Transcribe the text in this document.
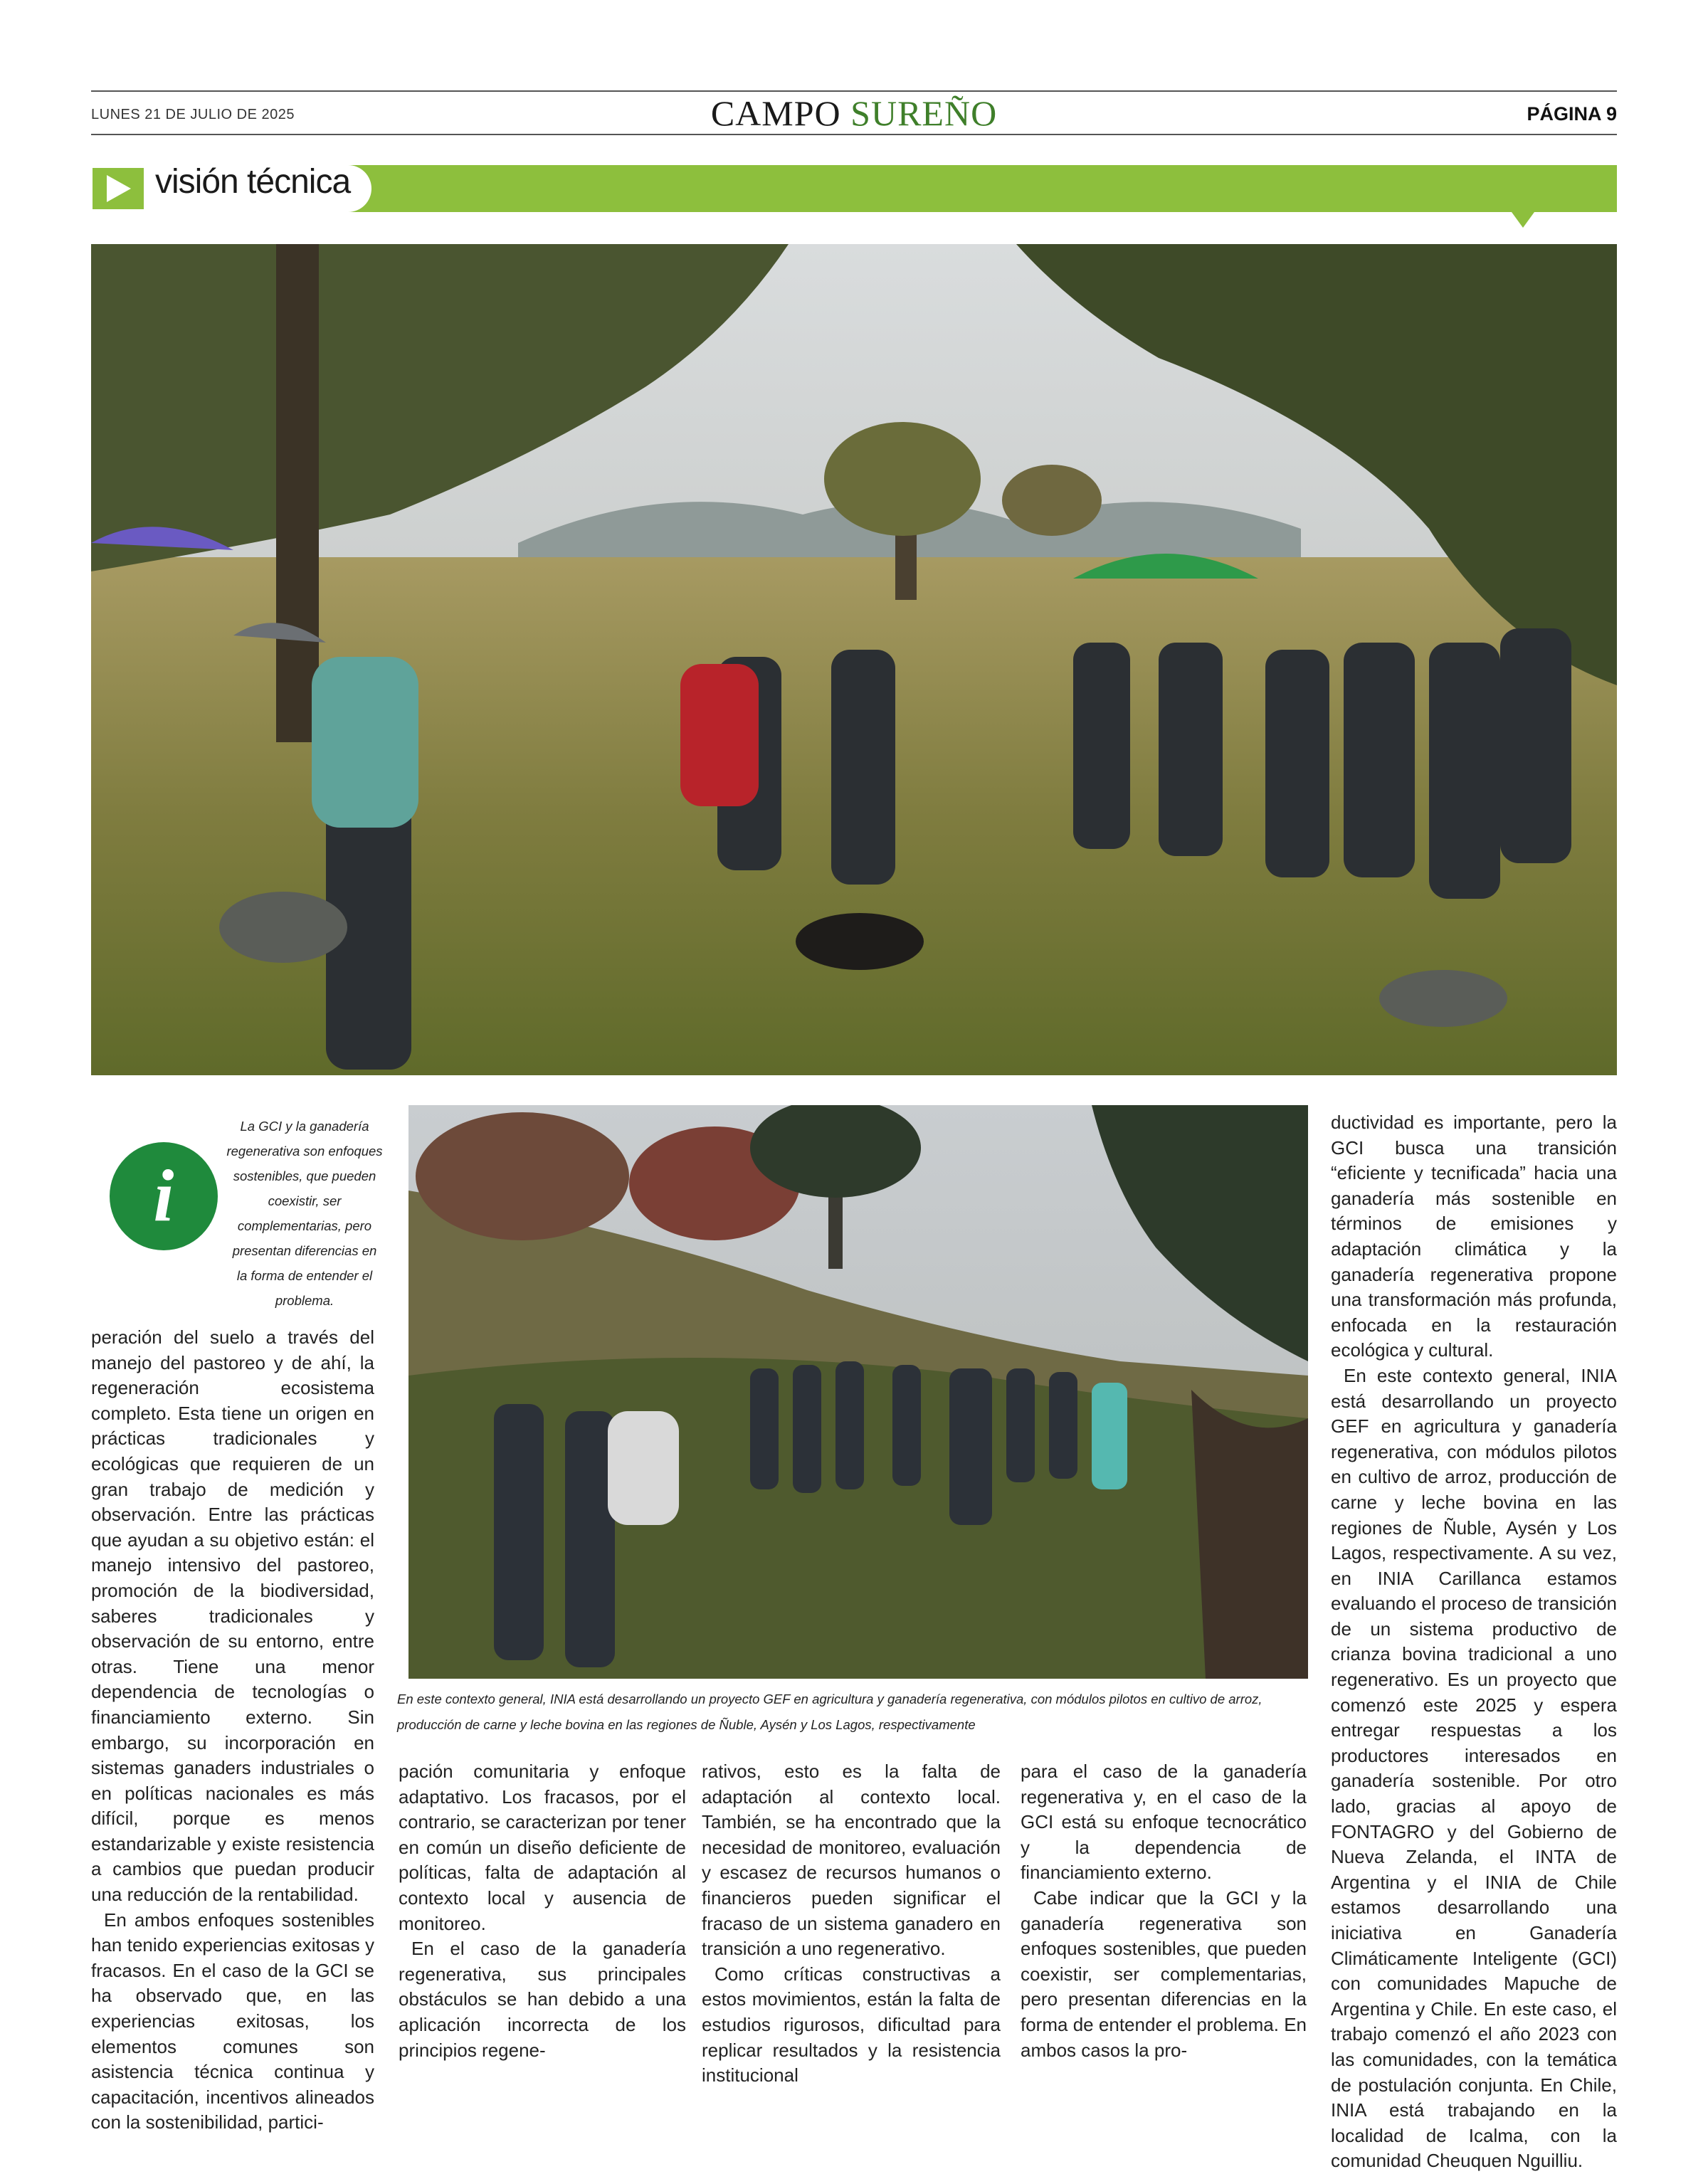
LUNES 21 DE JULIO DE 2025	CAMPO SUREÑO	PÁGINA 9
visión técnica
i
La GCI y la ganadería regenerativa son enfoques sostenibles, que pueden coexistir, ser complementarias, pero presentan diferencias en la forma de entender el problema.
En este contexto general, INIA está desarrollando un proyecto GEF en agricultura y ganadería regenerativa, con módulos pilotos en cultivo de arroz, producción de carne y leche bovina en las regiones de Ñuble, Aysén y Los Lagos, respectivamente

peración del suelo a través del manejo del pastoreo y de ahí, la regeneración ecosistema completo. Esta tiene un origen en prácticas tradicionales y ecológicas que requieren de un gran trabajo de medición y observación. Entre las prácticas que ayudan a su objetivo están: el manejo intensivo del pastoreo, promoción de la biodiversidad, saberes tradicionales y observación de su entorno, entre otras. Tiene una menor dependencia de tecnologías o financiamiento externo. Sin embargo, su incorporación en sistemas ganaders industriales o en políticas nacionales es más difícil, porque es menos estandarizable y existe resistencia a cambios que puedan producir una reducción de la rentabilidad.

En ambos enfoques sostenibles han tenido experiencias exitosas y fracasos. En el caso de la GCI se ha observado que, en las experiencias exitosas, los elementos comunes son asistencia técnica continua y capacitación, incentivos alineados con la sostenibilidad, partici-

pación comunitaria y enfoque adaptativo. Los fracasos, por el contrario, se caracterizan por tener en común un diseño deficiente de políticas, falta de adaptación al contexto local y ausencia de monitoreo.

En el caso de la ganadería regenerativa, sus principales obstáculos se han debido a una aplicación incorrecta de los principios regene-

rativos, esto es la falta de adaptación al contexto local. También, se ha encontrado que la necesidad de monitoreo, evaluación y escasez de recursos humanos o financieros pueden significar el fracaso de un sistema ganadero en transición a uno regenerativo.

Como críticas constructivas a estos movimientos, están la falta de estudios rigurosos, dificultad para replicar resultados y la resistencia institucional

para el caso de la ganadería regenerativa y, en el caso de la GCI está su enfoque tecnocrático y la dependencia de financiamiento externo.

Cabe indicar que la GCI y la ganadería regenerativa son enfoques sostenibles, que pueden coexistir, ser complementarias, pero presentan diferencias en la forma de entender el problema. En ambos casos la pro-

ductividad es importante, pero la GCI busca una transición “eficiente y tecnificada” hacia una ganadería más sostenible en términos de emisiones y adaptación climática y la ganadería regenerativa propone una transformación más profunda, enfocada en la restauración ecológica y cultural.

En este contexto general, INIA está desarrollando un proyecto GEF en agricultura y ganadería regenerativa, con módulos pilotos en cultivo de arroz, producción de carne y leche bovina en las regiones de Ñuble, Aysén y Los Lagos, respectivamente. A su vez, en INIA Carillanca estamos evaluando el proceso de transición de un sistema productivo de crianza bovina tradicional a uno regenerativo. Es un proyecto que comenzó este 2025 y espera entregar respuestas a los productores interesados en ganadería sostenible. Por otro lado, gracias al apoyo de FONTAGRO y del Gobierno de Nueva Zelanda, el INTA de Argentina y el INIA de Chile estamos desarrollando una iniciativa en Ganadería Climáticamente Inteligente (GCI) con comunidades Mapuche de Argentina y Chile. En este caso, el trabajo comenzó el año 2023 con las comunidades, con la temática de postulación conjunta. En Chile, INIA está trabajando en la localidad de Icalma, con la comunidad Cheuquen Nguilliu.
